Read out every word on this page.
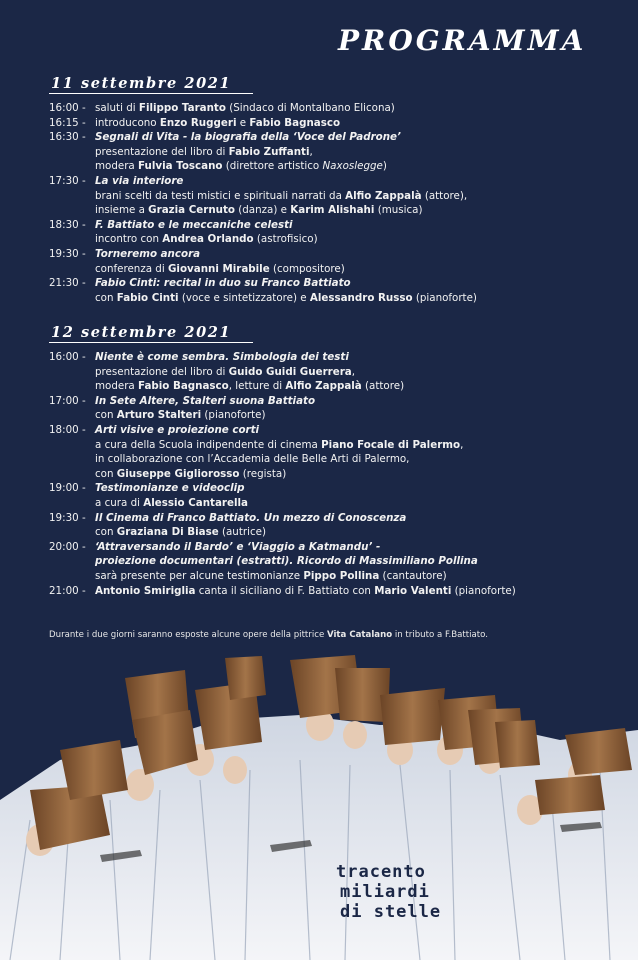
PROGRAMMA
11 settembre 2021
16:00 - saluti di Filippo Taranto (Sindaco di Montalbano Elicona)
16:15 - introducono Enzo Ruggeri e Fabio Bagnasco
16:30 - Segnali di Vita - la biografia della ‘Voce del Padrone’
presentazione del libro di Fabio Zuffanti,
modera Fulvia Toscano (direttore artistico Naxoslegge)
17:30 - La via interiore
brani scelti da testi mistici e spirituali narrati da Alfio Zappalà (attore),
insieme a Grazia Cernuto (danza) e Karim Alishahi (musica)
18:30 - F. Battiato e le meccaniche celesti
incontro con Andrea Orlando (astrofisico)
19:30 - Torneremo ancora
conferenza di Giovanni Mirabile (compositore)
21:30 - Fabio Cinti: recital in duo su Franco Battiato
con Fabio Cinti (voce e sintetizzatore) e Alessandro Russo (pianoforte)
12 settembre 2021
16:00 - Niente è come sembra. Simbologia dei testi
presentazione del libro di Guido Guidi Guerrera,
modera Fabio Bagnasco, letture di Alfio Zappalà (attore)
17:00 - In Sete Altere, Stalteri suona Battiato
con Arturo Stalteri (pianoforte)
18:00 - Arti visive e proiezione corti
a cura della Scuola indipendente di cinema Piano Focale di Palermo,
in collaborazione con l’Accademia delle Belle Arti di Palermo,
con Giuseppe Gigliorosso (regista)
19:00 - Testimonianze e videoclip
a cura di Alessio Cantarella
19:30 - Il Cinema di Franco Battiato. Un mezzo di Conoscenza
con Graziana Di Biase (autrice)
20:00 - ‘Attraversando il Bardo’ e ‘Viaggio a Katmandu’ -
proiezione documentari (estratti). Ricordo di Massimiliano Pollina
sarà presente per alcune testimonianze Pippo Pollina (cantautore)
21:00 - Antonio Smiriglia canta il siciliano di F. Battiato con Mario Valenti (pianoforte)
Durante i due giorni saranno esposte alcune opere della pittrice Vita Catalano in tributo a F.Battiato.
tracento
miliardi
di stelle
